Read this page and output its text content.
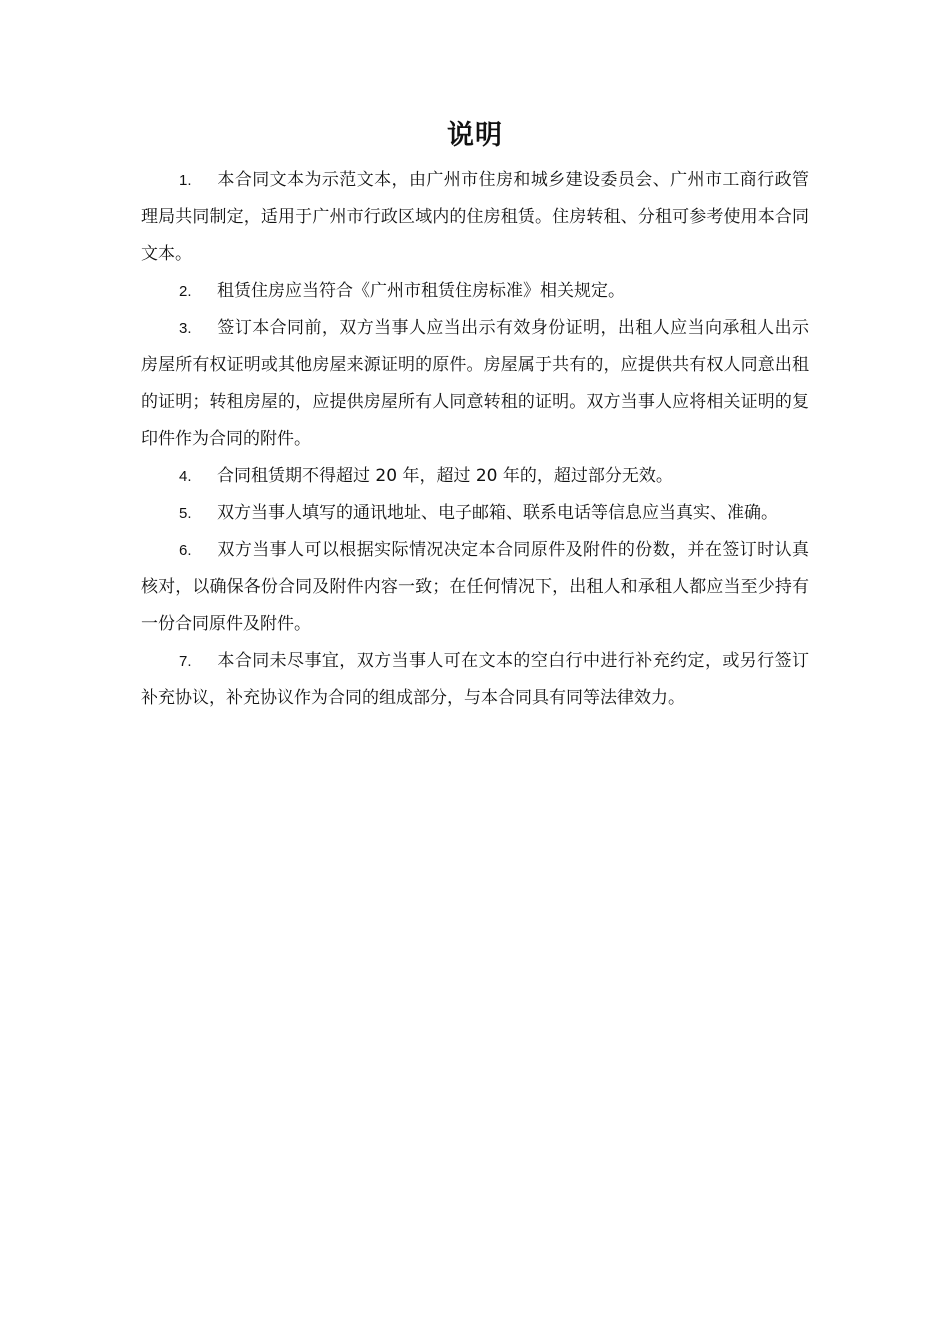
说明

1. 本合同文本为示范文本，由广州市住房和城乡建设委员会、广州市工商行政管理局共同制定，适用于广州市行政区域内的住房租赁。住房转租、分租可参考使用本合同文本。

2. 租赁住房应当符合《广州市租赁住房标准》相关规定。

3. 签订本合同前，双方当事人应当出示有效身份证明，出租人应当向承租人出示房屋所有权证明或其他房屋来源证明的原件。房屋属于共有的，应提供共有权人同意出租的证明；转租房屋的，应提供房屋所有人同意转租的证明。双方当事人应将相关证明的复印件作为合同的附件。

4. 合同租赁期不得超过 20 年，超过 20 年的，超过部分无效。

5. 双方当事人填写的通讯地址、电子邮箱、联系电话等信息应当真实、准确。

6. 双方当事人可以根据实际情况决定本合同原件及附件的份数，并在签订时认真核对，以确保各份合同及附件内容一致；在任何情况下，出租人和承租人都应当至少持有一份合同原件及附件。

7. 本合同未尽事宜，双方当事人可在文本的空白行中进行补充约定，或另行签订补充协议，补充协议作为合同的组成部分，与本合同具有同等法律效力。
